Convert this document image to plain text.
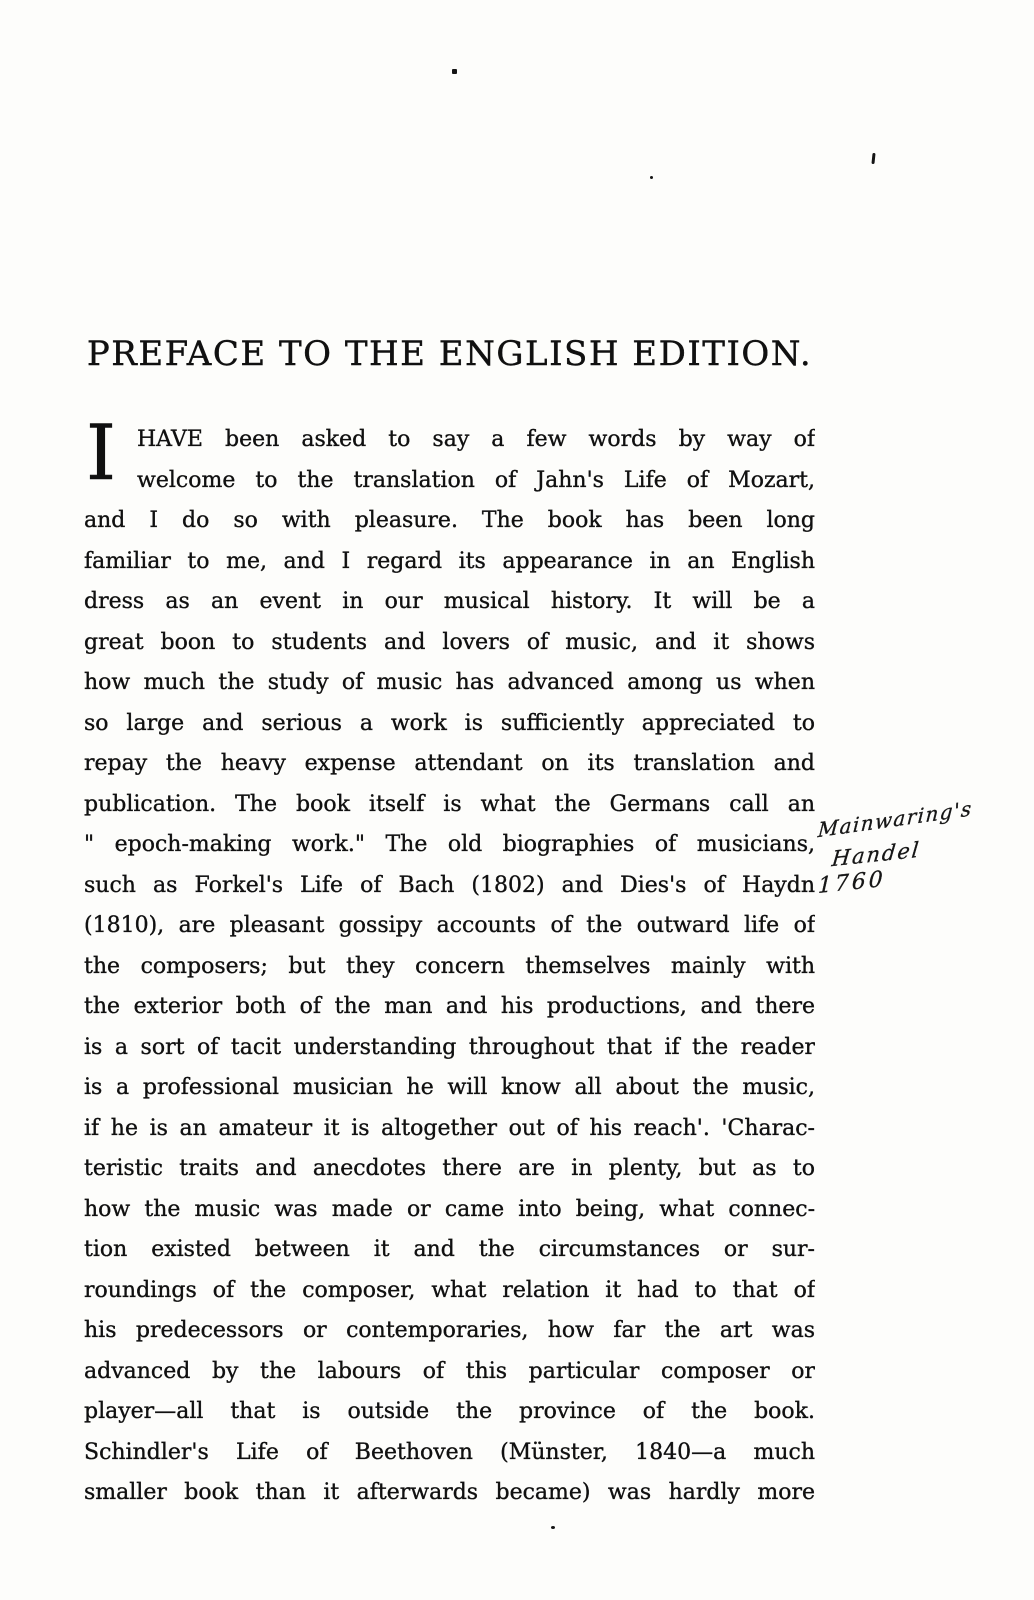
PREFACE TO THE ENGLISH EDITION.
I HAVE been asked to say a few words by way of
welcome to the translation of Jahn's Life of Mozart,
and I do so with pleasure. The book has been long
familiar to me, and I regard its appearance in an English
dress as an event in our musical history. It will be a
great boon to students and lovers of music, and it shows
how much the study of music has advanced among us when
so large and serious a work is sufficiently appreciated to
repay the heavy expense attendant on its translation and
publication. The book itself is what the Germans call an
" epoch-making work." The old biographies of musicians,
such as Forkel's Life of Bach (1802) and Dies's of Haydn
(1810), are pleasant gossipy accounts of the outward life of
the composers; but they concern themselves mainly with
the exterior both of the man and his productions, and there
is a sort of tacit understanding throughout that if the reader
is a professional musician he will know all about the music,
if he is an amateur it is altogether out of his reach'. 'Charac-
teristic traits and anecdotes there are in plenty, but as to
how the music was made or came into being, what connec-
tion existed between it and the circumstances or sur-
roundings of the composer, what relation it had to that of
his predecessors or contemporaries, how far the art was
advanced by the labours of this particular composer or
player—all that is outside the province of the book.
Schindler's Life of Beethoven (Münster, 1840—a much
smaller book than it afterwards became) was hardly more
Mainwaring's
Handel
1760
